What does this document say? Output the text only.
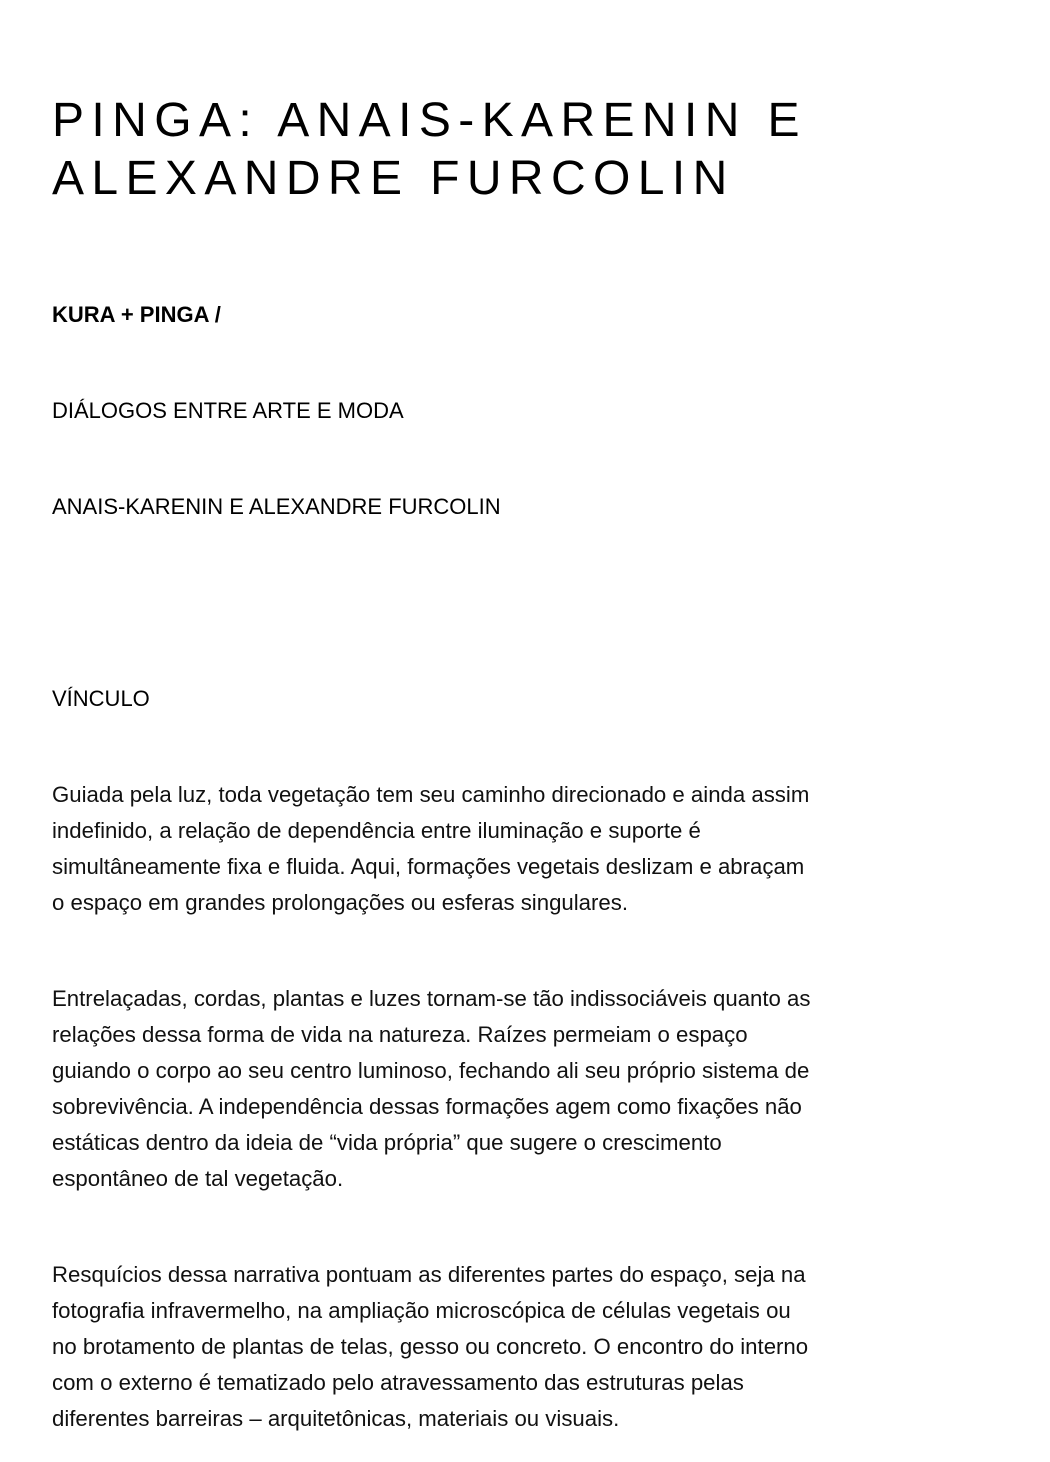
PINGA: ANAIS-KARENIN E
ALEXANDRE FURCOLIN

KURA + PINGA /

DIÁLOGOS ENTRE ARTE E MODA

ANAIS-KARENIN E ALEXANDRE FURCOLIN

VÍNCULO

Guiada pela luz, toda vegetação tem seu caminho direcionado e ainda assim
indefinido, a relação de dependência entre iluminação e suporte é
simultâneamente fixa e fluida. Aqui, formações vegetais deslizam e abraçam
o espaço em grandes prolongações ou esferas singulares.

Entrelaçadas, cordas, plantas e luzes tornam-se tão indissociáveis quanto as
relações dessa forma de vida na natureza. Raízes permeiam o espaço
guiando o corpo ao seu centro luminoso, fechando ali seu próprio sistema de
sobrevivência. A independência dessas formações agem como fixações não
estáticas dentro da ideia de “vida própria” que sugere o crescimento
espontâneo de tal vegetação.

Resquícios dessa narrativa pontuam as diferentes partes do espaço, seja na
fotografia infravermelho, na ampliação microscópica de células vegetais ou
no brotamento de plantas de telas, gesso ou concreto. O encontro do interno
com o externo é tematizado pelo atravessamento das estruturas pelas
diferentes barreiras – arquitetônicas, materiais ou visuais.
